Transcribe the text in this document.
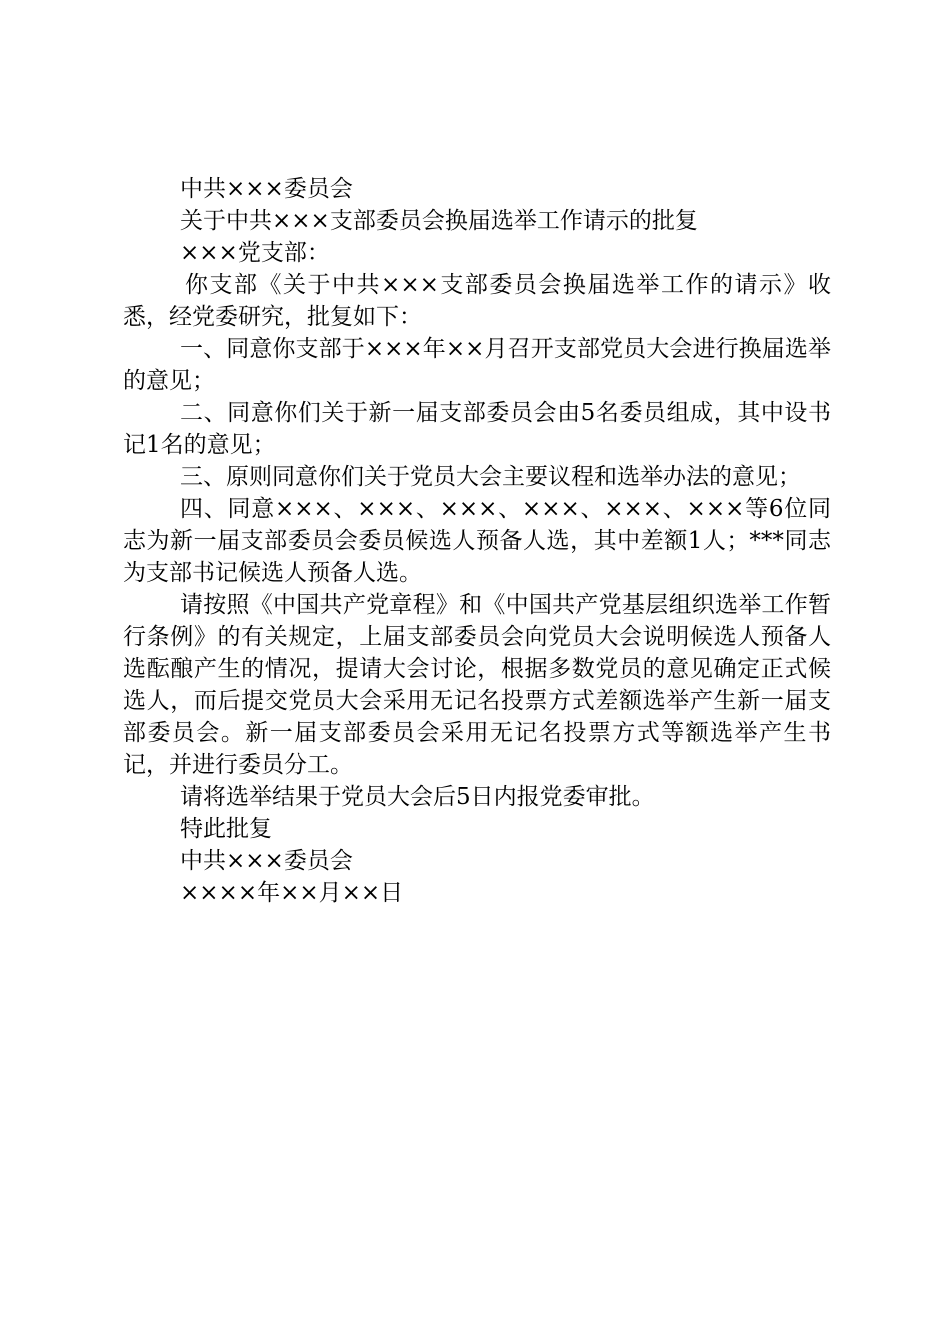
中共×××委员会
关于中共×××支部委员会换届选举工作请示的批复
×××党支部：

你支部《关于中共×××支部委员会换届选举工作的请示》收悉，经党委研究，批复如下：

一、同意你支部于×××年××月召开支部党员大会进行换届选举的意见；

二、同意你们关于新一届支部委员会由5名委员组成，其中设书记1名的意见；

三、原则同意你们关于党员大会主要议程和选举办法的意见；

四、同意×××、×××、×××、×××、×××、×××等6位同志为新一届支部委员会委员候选人预备人选，其中差额1人；***同志为支部书记候选人预备人选。

请按照《中国共产党章程》和《中国共产党基层组织选举工作暂行条例》的有关规定，上届支部委员会向党员大会说明候选人预备人选酝酿产生的情况，提请大会讨论，根据多数党员的意见确定正式候选人，而后提交党员大会采用无记名投票方式差额选举产生新一届支部委员会。新一届支部委员会采用无记名投票方式等额选举产生书记，并进行委员分工。

请将选举结果于党员大会后5日内报党委审批。
特此批复
中共×××委员会
××××年××月××日
